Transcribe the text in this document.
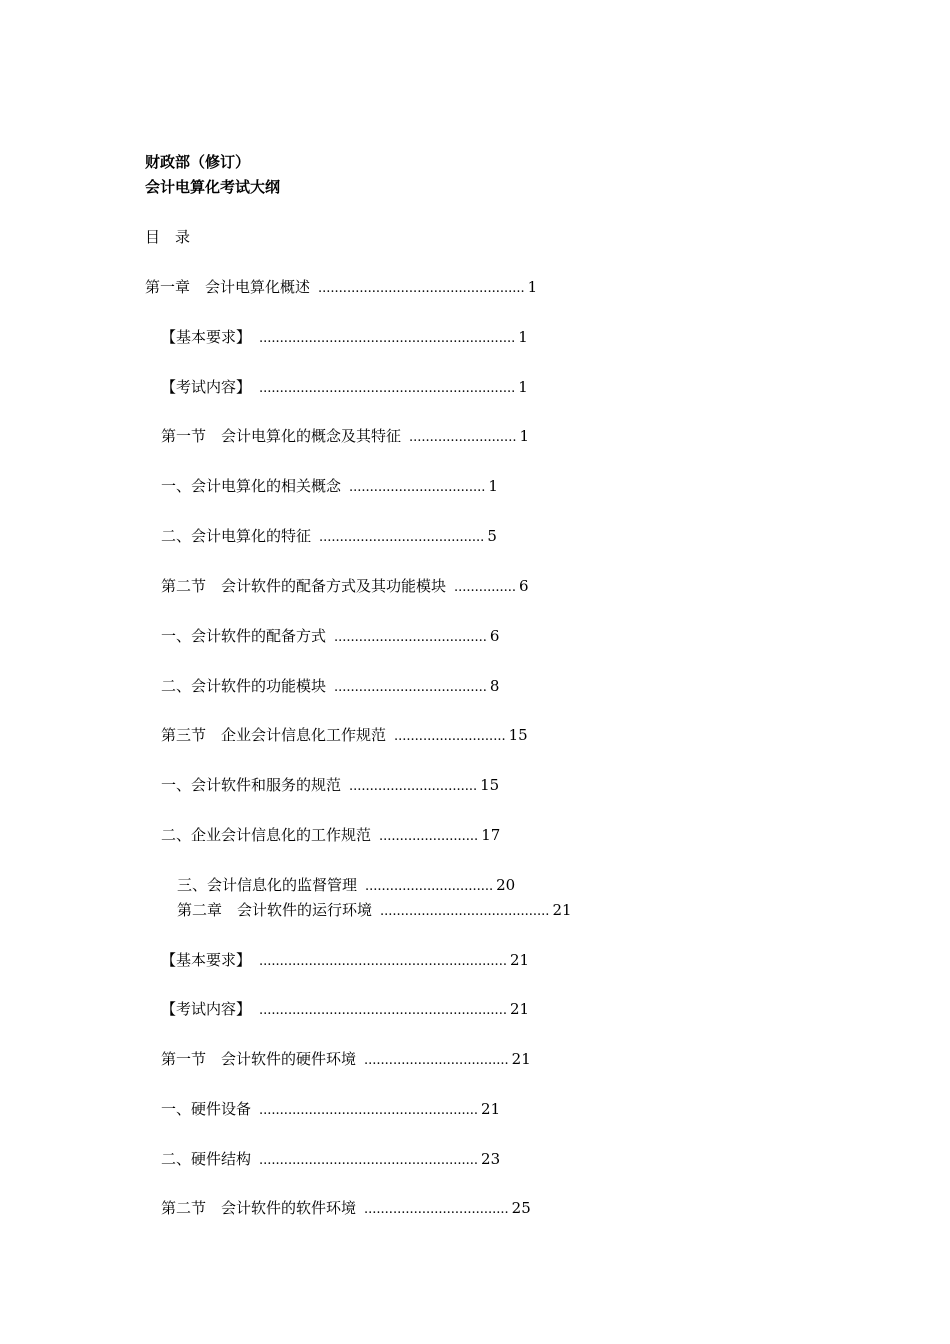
财政部（修订）
会计电算化考试大纲
目　录
第一章　会计电算化概述 .................................................. 1
【基本要求】 .............................................................. 1
【考试内容】 .............................................................. 1
第一节　会计电算化的概念及其特征 .......................... 1
一、会计电算化的相关概念 ................................. 1
二、会计电算化的特征 ........................................ 5
第二节　会计软件的配备方式及其功能模块 ............... 6
一、会计软件的配备方式 ..................................... 6
二、会计软件的功能模块 ..................................... 8
第三节　企业会计信息化工作规范 ........................... 15
一、会计软件和服务的规范 ............................... 15
二、企业会计信息化的工作规范 ........................ 17
三、会计信息化的监督管理 ............................... 20
第二章　会计软件的运行环境 ......................................... 21
【基本要求】 ............................................................ 21
【考试内容】 ............................................................ 21
第一节　会计软件的硬件环境 ................................... 21
一、硬件设备 ..................................................... 21
二、硬件结构 ..................................................... 23
第二节　会计软件的软件环境 ................................... 25
